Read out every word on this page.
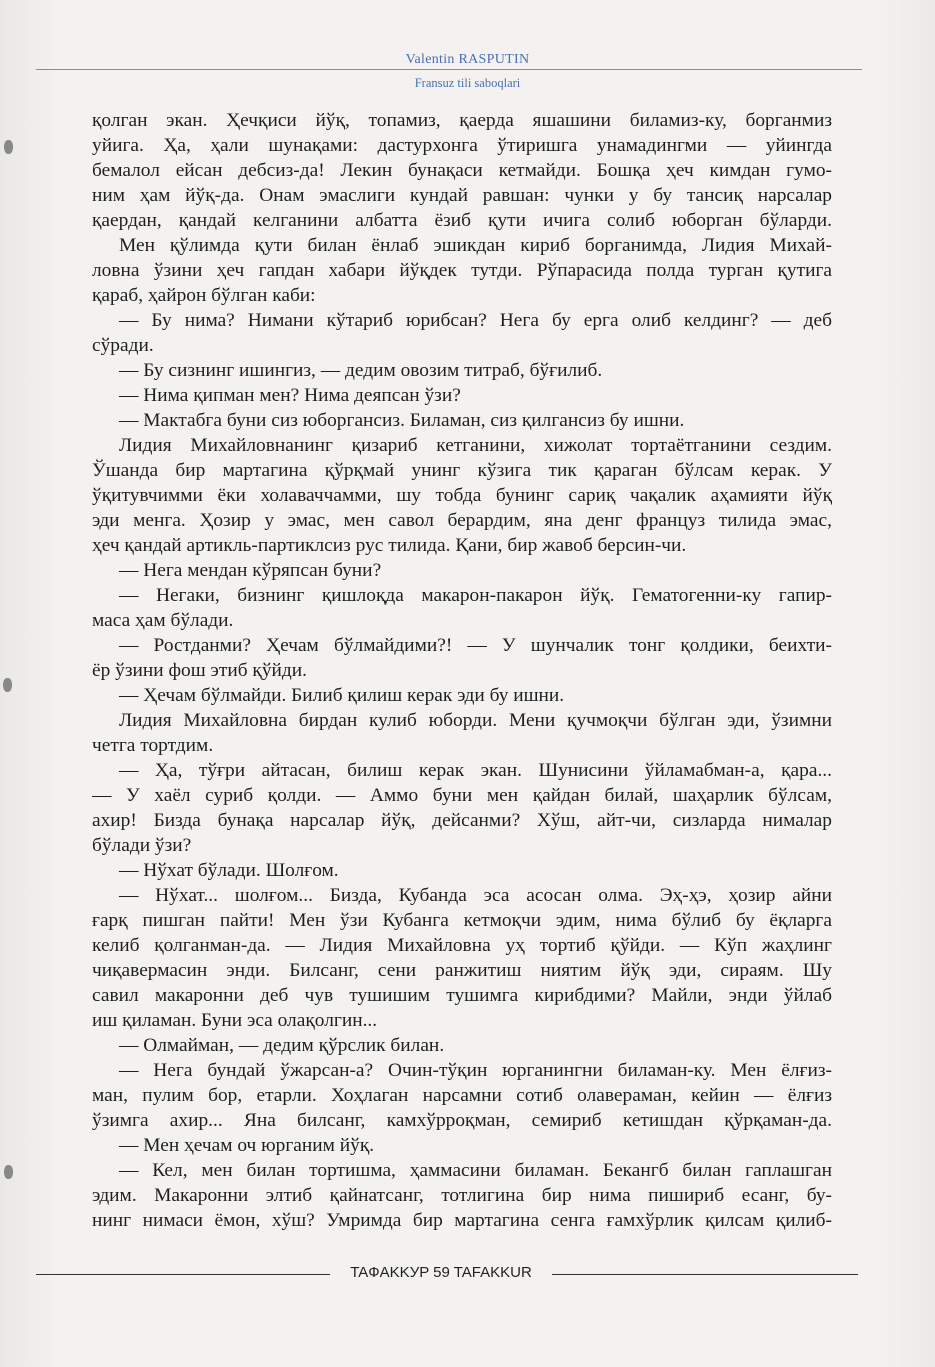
Valentin RASPUTIN
Fransuz tili saboqlari
қолган экан. Ҳечқиси йўқ, топамиз, қаерда яшашини биламиз-ку, борганмиз
уйига. Ҳа, ҳали шунақами: дастурхонга ўтиришга унамадингми — уйингда
бемалол ейсан дебсиз-да! Лекин бунақаси кетмайди. Бошқа ҳеч кимдан гумо-
ним ҳам йўқ-да. Онам эмаслиги кундай равшан: чунки у бу тансиқ нарсалар
қаердан, қандай келганини албатта ёзиб қути ичига солиб юборган бўларди.
Мен қўлимда қути билан ёнлаб эшикдан кириб борганимда, Лидия Михай-
ловна ўзини ҳеч гапдан хабари йўқдек тутди. Рўпарасида полда турган қутига
қараб, ҳайрон бўлган каби:
— Бу нима? Нимани кўтариб юрибсан? Нега бу ерга олиб келдинг? — деб
сўради.
— Бу сизнинг ишингиз, — дедим овозим титраб, бўғилиб.
— Нима қипман мен? Нима деяпсан ўзи?
— Мактабга буни сиз юборгансиз. Биламан, сиз қилгансиз бу ишни.
Лидия Михайловнанинг қизариб кетганини, хижолат тортаётганини сездим.
Ўшанда бир мартагина қўрқмай унинг кўзига тик қараган бўлсам керак. У
ўқитувчимми ёки холаваччамми, шу тобда бунинг сариқ чақалик аҳамияти йўқ
эди менга. Ҳозир у эмас, мен савол берардим, яна денг француз тилида эмас,
ҳеч қандай артикль-партиклсиз рус тилида. Қани, бир жавоб берсин-чи.
— Нега мендан кўряпсан буни?
— Негаки, бизнинг қишлоқда макарон-пакарон йўқ. Гематогенни-ку гапир-
маса ҳам бўлади.
— Ростданми? Ҳечам бўлмайдими?! — У шунчалик тонг қолдики, беихти-
ёр ўзини фош этиб қўйди.
— Ҳечам бўлмайди. Билиб қилиш керак эди бу ишни.
Лидия Михайловна бирдан кулиб юборди. Мени қучмоқчи бўлган эди, ўзимни
четга тортдим.
— Ҳа, тўғри айтасан, билиш керак экан. Шунисини ўйламабман-а, қара...
— У хаёл суриб қолди. — Аммо буни мен қайдан билай, шаҳарлик бўлсам,
ахир! Бизда бунақа нарсалар йўқ, дейсанми? Хўш, айт-чи, сизларда нималар
бўлади ўзи?
— Нўхат бўлади. Шолғом.
— Нўхат... шолғом... Бизда, Кубанда эса асосан олма. Эҳ-ҳэ, ҳозир айни
ғарқ пишган пайти! Мен ўзи Кубанга кетмоқчи эдим, нима бўлиб бу ёқларга
келиб қолганман-да. — Лидия Михайловна уҳ тортиб қўйди. — Кўп жаҳлинг
чиқавермасин энди. Билсанг, сени ранжитиш ниятим йўқ эди, сираям. Шу
савил макаронни деб чув тушишим тушимга кирибдими? Майли, энди ўйлаб
иш қиламан. Буни эса олақолгин...
— Олмайман, — дедим қўрслик билан.
— Нега бундай ўжарсан-а? Очин-тўқин юрганингни биламан-ку. Мен ёлғиз-
ман, пулим бор, етарли. Хоҳлаган нарсамни сотиб олавераман, кейин — ёлғиз
ўзимга ахир... Яна билсанг, камхўррoқман, семириб кетишдан қўрқаман-да.
— Мен ҳечам оч юрганим йўқ.
— Кел, мен билан тортишма, ҳаммасини биламан. Бекангб билан гаплашган
эдим. Макаронни элтиб қайнатсанг, тотлигина бир нима пишириб есанг, бу-
нинг нимаси ёмон, хўш? Умримда бир мартагина сенга ғамхўрлик қилсам қилиб-
TAФAKKУP 59 TAFAKKUR
